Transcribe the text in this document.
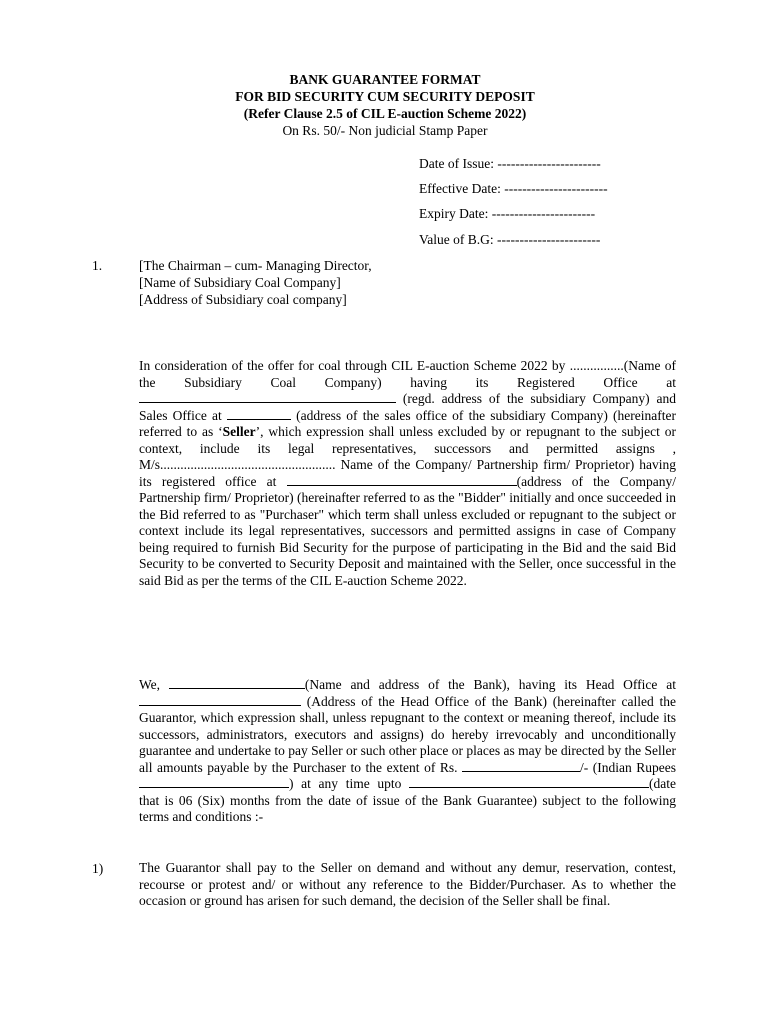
BANK GUARANTEE FORMAT
FOR BID SECURITY CUM SECURITY DEPOSIT
(Refer Clause 2.5 of CIL E-auction Scheme 2022)
On Rs. 50/- Non judicial Stamp Paper
Date of Issue: -----------------------
Effective Date: -----------------------
Expiry Date: -----------------------
Value of B.G: -----------------------
1.	[The Chairman – cum- Managing Director,
[Name of Subsidiary Coal Company]
[Address of Subsidiary coal company]

In consideration of the offer for coal through CIL E-auction Scheme 2022 by ................(Name of the Subsidiary Coal Company) having its Registered Office at  (regd. address of the subsidiary Company) and Sales Office at	(address of the sales office of the subsidiary Company) (hereinafter referred to as ‘Seller’, which expression shall unless excluded by or repugnant to the subject or context, include its legal representatives, successors and permitted assigns , M/s.................................................... Name of the Company/ Partnership firm/ Proprietor) having its registered office at	(address of the Company/ Partnership firm/ Proprietor) (hereinafter referred to as the "Bidder" initially and once succeeded in the Bid referred to as "Purchaser" which term shall unless excluded or repugnant to the subject or context include its legal representatives, successors and permitted assigns in case of Company being required to furnish Bid Security for the purpose of participating in the Bid and the said Bid Security to be converted to Security Deposit and maintained with the Seller, once successful in the said Bid as per the terms of the CIL E-auction Scheme 2022.

We,	(Name and address of the Bank), having its Head Office at  (Address of the Head Office of the Bank) (hereinafter called the Guarantor, which expression shall, unless repugnant to the context or meaning thereof, include its successors, administrators, executors and assigns) do hereby irrevocably and unconditionally guarantee and undertake to pay Seller or such other place or places as may be directed by the Seller all amounts payable by the Purchaser to the extent of Rs.	/- (Indian Rupees ) at any time upto	(date that is 06 (Six) months from the date of issue of the Bank Guarantee) subject to the following terms and conditions :-

1)	The Guarantor shall pay to the Seller on demand and without any demur, reservation, contest, recourse or protest and/ or without any reference to the Bidder/Purchaser. As to whether the occasion or ground has arisen for such demand, the decision of the Seller shall be final.
